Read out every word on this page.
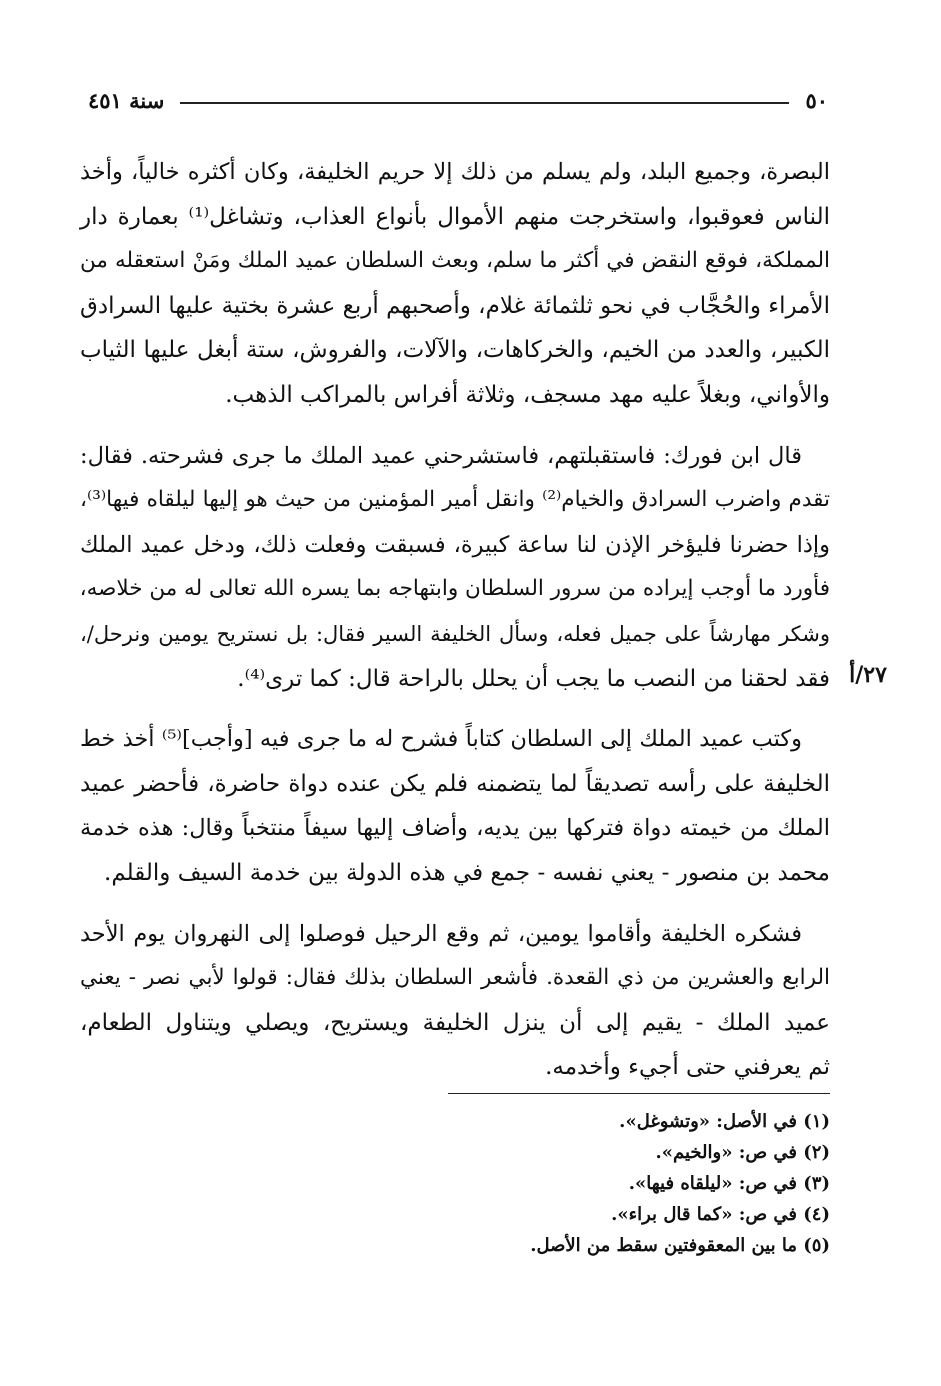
٥٠
سنة ٤٥١
٢٧/أ

البصرة، وجميع البلد، ولم يسلم من ذلك إلا حريم الخليفة، وكان أكثره خالياً، وأخذ
الناس فعوقبوا، واستخرجت منهم الأموال بأنواع العذاب، وتشاغل⁽¹⁾ بعمارة دار
المملكة، فوقع النقض في أكثر ما سلم، وبعث السلطان عميد الملك ومَنْ استعقله من
الأمراء والحُجَّاب في نحو ثلثمائة غلام، وأصحبهم أربع عشرة بختية عليها السرادق
الكبير، والعدد من الخيم، والخركاهات، والآلات، والفروش، ستة أبغل عليها الثياب
والأواني، وبغلاً عليه مهد مسجف، وثلاثة أفراس بالمراكب الذهب.

قال ابن فورك: فاستقبلتهم، فاستشرحني عميد الملك ما جرى فشرحته. فقال:
تقدم واضرب السرادق والخيام⁽²⁾ وانقل أمير المؤمنين من حيث هو إليها ليلقاه فيها⁽³⁾،
وإذا حضرنا فليؤخر الإذن لنا ساعة كبيرة، فسبقت وفعلت ذلك، ودخل عميد الملك
فأورد ما أوجب إيراده من سرور السلطان وابتهاجه بما يسره الله تعالى له من خلاصه،
وشكر مهارشاً على جميل فعله، وسأل الخليفة السير فقال: بل نستريح يومين ونرحل/،
فقد لحقنا من النصب ما يجب أن يحلل بالراحة قال: كما ترى⁽⁴⁾.

وكتب عميد الملك إلى السلطان كتاباً فشرح له ما جرى فيه [وأجب]⁽⁵⁾ أخذ خط
الخليفة على رأسه تصديقاً لما يتضمنه فلم يكن عنده دواة حاضرة، فأحضر عميد
الملك من خيمته دواة فتركها بين يديه، وأضاف إليها سيفاً منتخباً وقال: هذه خدمة
محمد بن منصور - يعني نفسه - جمع في هذه الدولة بين خدمة السيف والقلم.

فشكره الخليفة وأقاموا يومين، ثم وقع الرحيل فوصلوا إلى النهروان يوم الأحد
الرابع والعشرين من ذي القعدة. فأشعر السلطان بذلك فقال: قولوا لأبي نصر - يعني
عميد الملك - يقيم إلى أن ينزل الخليفة ويستريح، ويصلي ويتناول الطعام،
ثم يعرفني حتى أجيء وأخدمه.

(١) في الأصل: «وتشوغل».
(٢) في ص: «والخيم».
(٣) في ص: «ليلقاه فيها».
(٤) في ص: «كما قال براء».
(٥) ما بين المعقوفتين سقط من الأصل.
